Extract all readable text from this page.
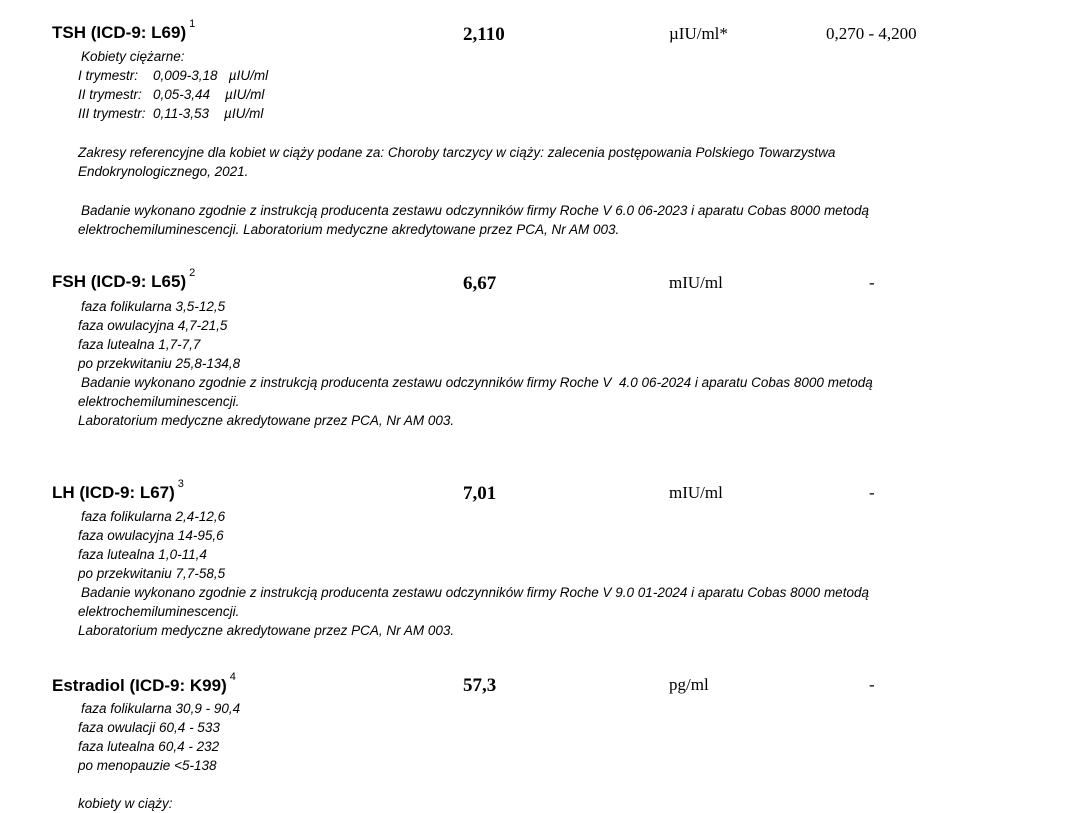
TSH (ICD-9: L69) $^1$	2,110	µIU/ml*	0,270 - 4,200
Kobiety ciężarne:
I trymestr:    0,009-3,18   µIU/ml
II trymestr:   0,05-3,44    µIU/ml
III trymestr:  0,11-3,53    µIU/ml
Zakresy referencyjne dla kobiet w ciąży podane za: Choroby tarczycy w ciąży: zalecenia postępowania Polskiego Towarzystwa
Endokrynologicznego, 2021.
Badanie wykonano zgodnie z instrukcją producenta zestawu odczynników firmy Roche V 6.0 06-2023 i aparatu Cobas 8000 metodą
elektrochemiluminescencji. Laboratorium medyczne akredytowane przez PCA, Nr AM 003.
FSH (ICD-9: L65) $^2$	6,67	mIU/ml	-
faza folikularna 3,5-12,5
faza owulacyjna 4,7-21,5
faza lutealna 1,7-7,7
po przekwitaniu 25,8-134,8
Badanie wykonano zgodnie z instrukcją producenta zestawu odczynników firmy Roche V  4.0 06-2024 i aparatu Cobas 8000 metodą
elektrochemiluminescencji.
Laboratorium medyczne akredytowane przez PCA, Nr AM 003.
LH (ICD-9: L67) $^3$	7,01	mIU/ml	-
faza folikularna 2,4-12,6
faza owulacyjna 14-95,6
faza lutealna 1,0-11,4
po przekwitaniu 7,7-58,5
Badanie wykonano zgodnie z instrukcją producenta zestawu odczynników firmy Roche V 9.0 01-2024 i aparatu Cobas 8000 metodą
elektrochemiluminescencji.
Laboratorium medyczne akredytowane przez PCA, Nr AM 003.
Estradiol (ICD-9: K99) $^4$	57,3	pg/ml	-
faza folikularna 30,9 - 90,4
faza owulacji 60,4 - 533
faza lutealna 60,4 - 232
po menopauzie <5-138
kobiety w ciąży:
